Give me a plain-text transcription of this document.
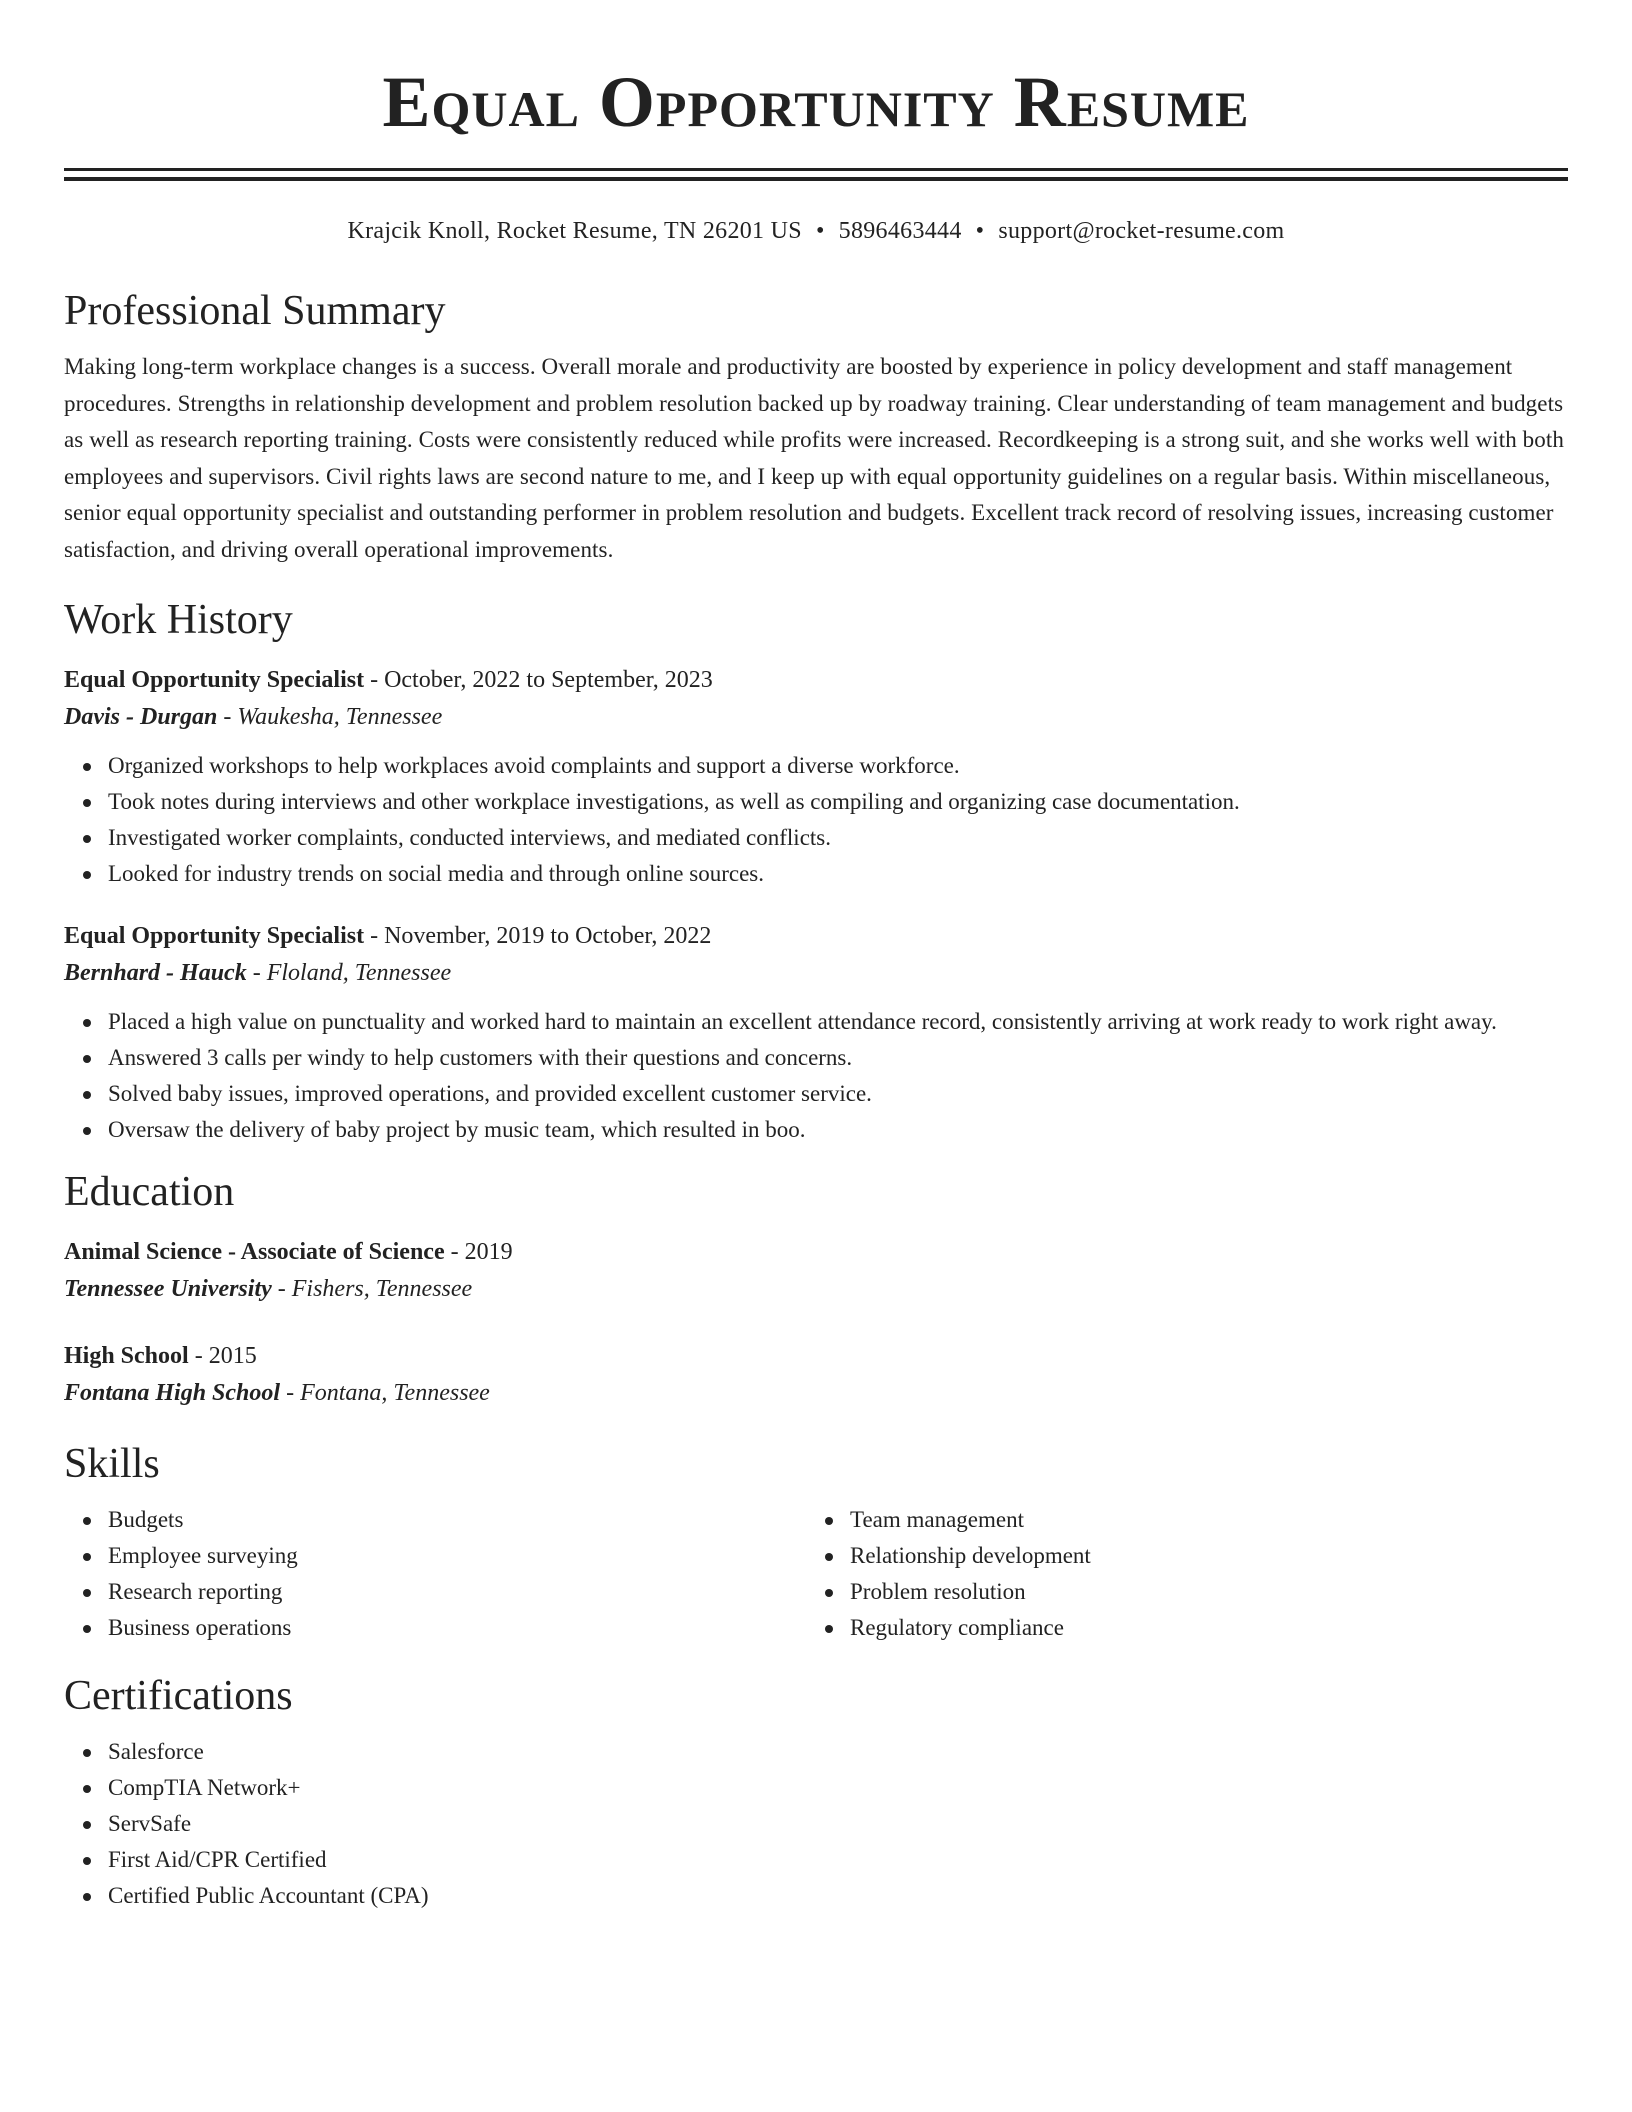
Equal Opportunity Resume
Krajcik Knoll, Rocket Resume, TN 26201 US • 5896463444 • support@rocket-resume.com
Professional Summary

Making long-term workplace changes is a success. Overall morale and productivity are boosted by experience in policy development and staff management procedures. Strengths in relationship development and problem resolution backed up by roadway training. Clear understanding of team management and budgets as well as research reporting training. Costs were consistently reduced while profits were increased. Recordkeeping is a strong suit, and she works well with both employees and supervisors. Civil rights laws are second nature to me, and I keep up with equal opportunity guidelines on a regular basis. Within miscellaneous, senior equal opportunity specialist and outstanding performer in problem resolution and budgets. Excellent track record of resolving issues, increasing customer satisfaction, and driving overall operational improvements.

Work History

Equal Opportunity Specialist - October, 2022 to September, 2023

Davis - Durgan - Waukesha, Tennessee

Organized workshops to help workplaces avoid complaints and support a diverse workforce.
Took notes during interviews and other workplace investigations, as well as compiling and organizing case documentation.
Investigated worker complaints, conducted interviews, and mediated conflicts.
Looked for industry trends on social media and through online sources.

Equal Opportunity Specialist - November, 2019 to October, 2022

Bernhard - Hauck - Floland, Tennessee

Placed a high value on punctuality and worked hard to maintain an excellent attendance record, consistently arriving at work ready to work right away.
Answered 3 calls per windy to help customers with their questions and concerns.
Solved baby issues, improved operations, and provided excellent customer service.
Oversaw the delivery of baby project by music team, which resulted in boo.
Education

Animal Science - Associate of Science - 2019

Tennessee University - Fishers, Tennessee

High School - 2015

Fontana High School - Fontana, Tennessee

Skills
Budgets
Employee surveying
Research reporting
Business operations
Team management
Relationship development
Problem resolution
Regulatory compliance
Certifications
Salesforce
CompTIA Network+
ServSafe
First Aid/CPR Certified
Certified Public Accountant (CPA)
